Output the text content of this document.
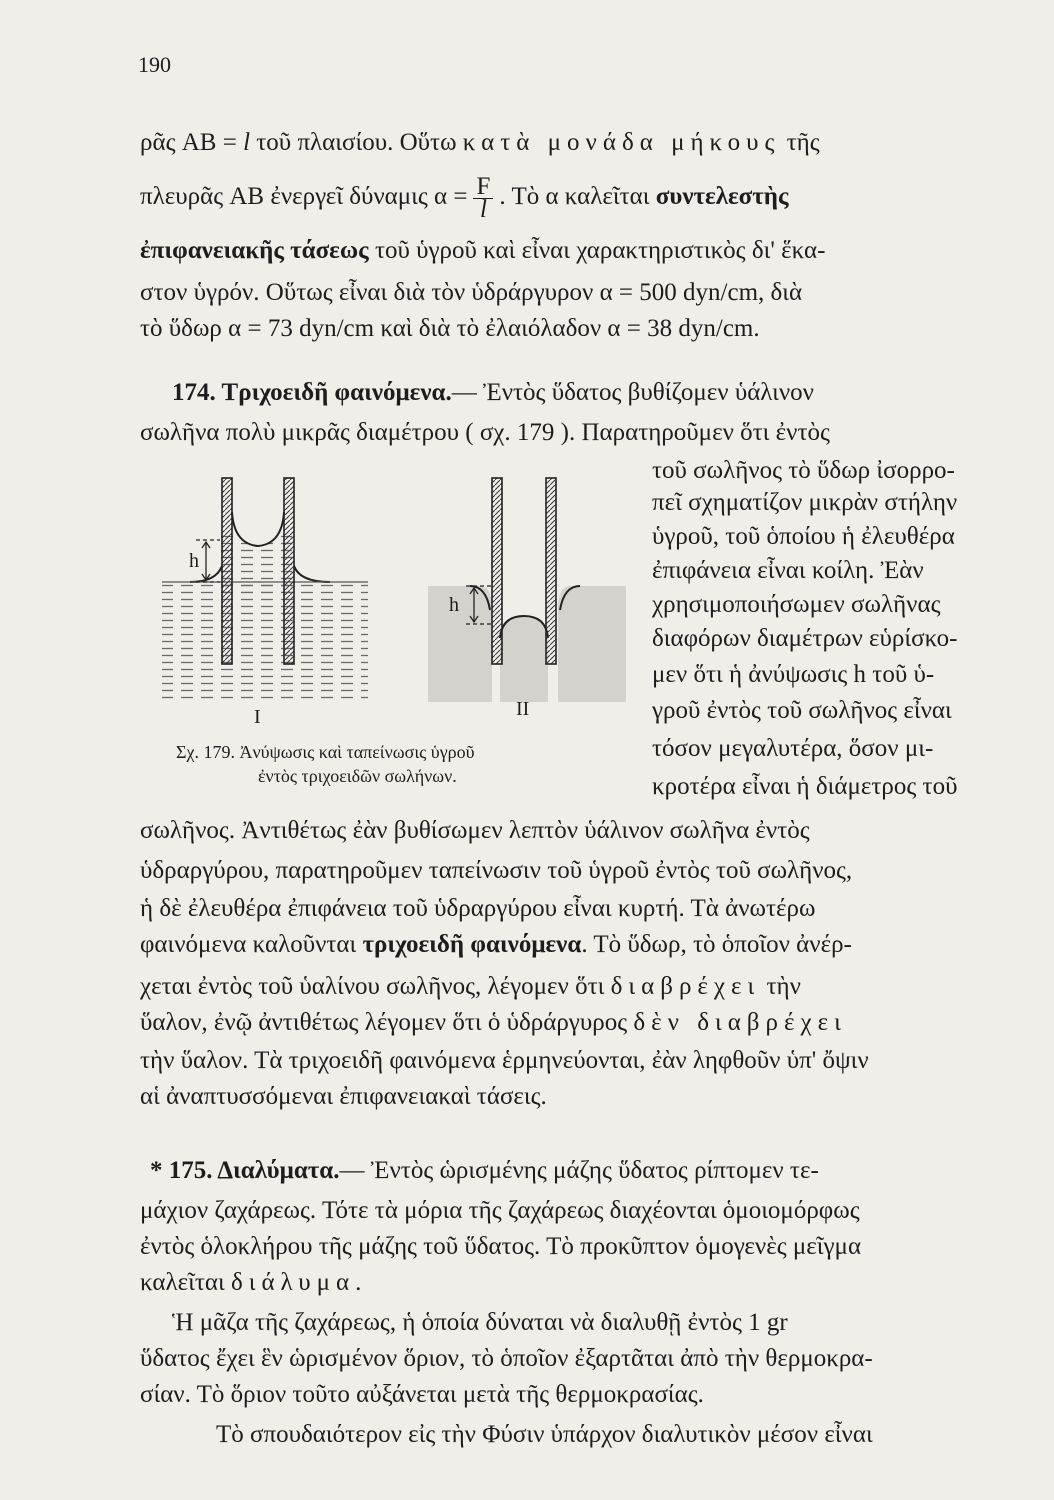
190
ρᾶς AB = l τοῦ πλαισίου. Οὕτω κατὰ μονάδα μήκους τῆς
πλευρᾶς AB ἐνεργεῖ δύναμις $\alpha = \frac{F}{l}$ . Τὸ α καλεῖται συντελεστὴς
ἐπιφανειακῆς τάσεως τοῦ ὑγροῦ καὶ εἶναι χαρακτηριστικὸς δι' ἕκα-
στον ὑγρόν. Οὕτως εἶναι διὰ τὸν ὑδράργυρον α = 500 dyn/cm, διὰ
τὸ ὕδωρ α = 73 dyn/cm καὶ διὰ τὸ ἐλαιόλαδον α = 38 dyn/cm.
174. Τριχοειδῆ φαινόμενα.— Ἐντὸς ὕδατος βυθίζομεν ὑάλινον
σωλῆνα πολὺ μικρᾶς διαμέτρου ( σχ. 179 ). Παρατηροῦμεν ὅτι ἐντὸς
τοῦ σωλῆνος τὸ ὕδωρ ἰσορρο-
πεῖ σχηματίζον μικρὰν στήλην
ὑγροῦ, τοῦ ὁποίου ἡ ἐλευθέρα
ἐπιφάνεια εἶναι κοίλη. Ἐὰν
χρησιμοποιήσωμεν σωλῆνας
διαφόρων διαμέτρων εὑρίσκο-
μεν ὅτι ἡ ἀνύψωσις h τοῦ ὑ-
γροῦ ἐντὸς τοῦ σωλῆνος εἶναι
τόσον μεγαλυτέρα, ὅσον μι-
κροτέρα εἶναι ἡ διάμετρος τοῦ
h
I
h
II
Σχ. 179. Ἀνύψωσις καὶ ταπείνωσις ὑγροῦ
ἐντὸς τριχοειδῶν σωλήνων.
σωλῆνος. Ἀντιθέτως ἐὰν βυθίσωμεν λεπτὸν ὑάλινον σωλῆνα ἐντὸς
ὑδραργύρου, παρατηροῦμεν ταπείνωσιν τοῦ ὑγροῦ ἐντὸς τοῦ σωλῆνος,
ἡ δὲ ἐλευθέρα ἐπιφάνεια τοῦ ὑδραργύρου εἶναι κυρτή. Τὰ ἀνωτέρω
φαινόμενα καλοῦνται τριχοειδῆ φαινόμενα. Τὸ ὕδωρ, τὸ ὁποῖον ἀνέρ-
χεται ἐντὸς τοῦ ὑαλίνου σωλῆνος, λέγομεν ὅτι διαβρέχει τὴν
ὕαλον, ἐνῷ ἀντιθέτως λέγομεν ὅτι ὁ ὑδράργυρος δὲν διαβρέχει
τὴν ὕαλον. Τὰ τριχοειδῆ φαινόμενα ἑρμηνεύονται, ἐὰν ληφθοῦν ὑπ' ὄψιν
αἱ ἀναπτυσσόμεναι ἐπιφανειακαὶ τάσεις.
* 175. Διαλύματα.— Ἐντὸς ὡρισμένης μάζης ὕδατος ρίπτομεν τε-
μάχιον ζαχάρεως. Τότε τὰ μόρια τῆς ζαχάρεως διαχέονται ὁμοιομόρφως
ἐντὸς ὁλοκλήρου τῆς μάζης τοῦ ὕδατος. Τὸ προκῦπτον ὁμογενὲς μεῖγμα
καλεῖται διάλυμα.
Ἡ μᾶζα τῆς ζαχάρεως, ἡ ὁποία δύναται νὰ διαλυθῇ ἐντὸς 1 gr
ὕδατος ἔχει ἓν ὡρισμένον ὅριον, τὸ ὁποῖον ἐξαρτᾶται ἀπὸ τὴν θερμοκρα-
σίαν. Τὸ ὅριον τοῦτο αὐξάνεται μετὰ τῆς θερμοκρασίας.
Τὸ σπουδαιότερον εἰς τὴν Φύσιν ὑπάρχον διαλυτικὸν μέσον εἶναι
